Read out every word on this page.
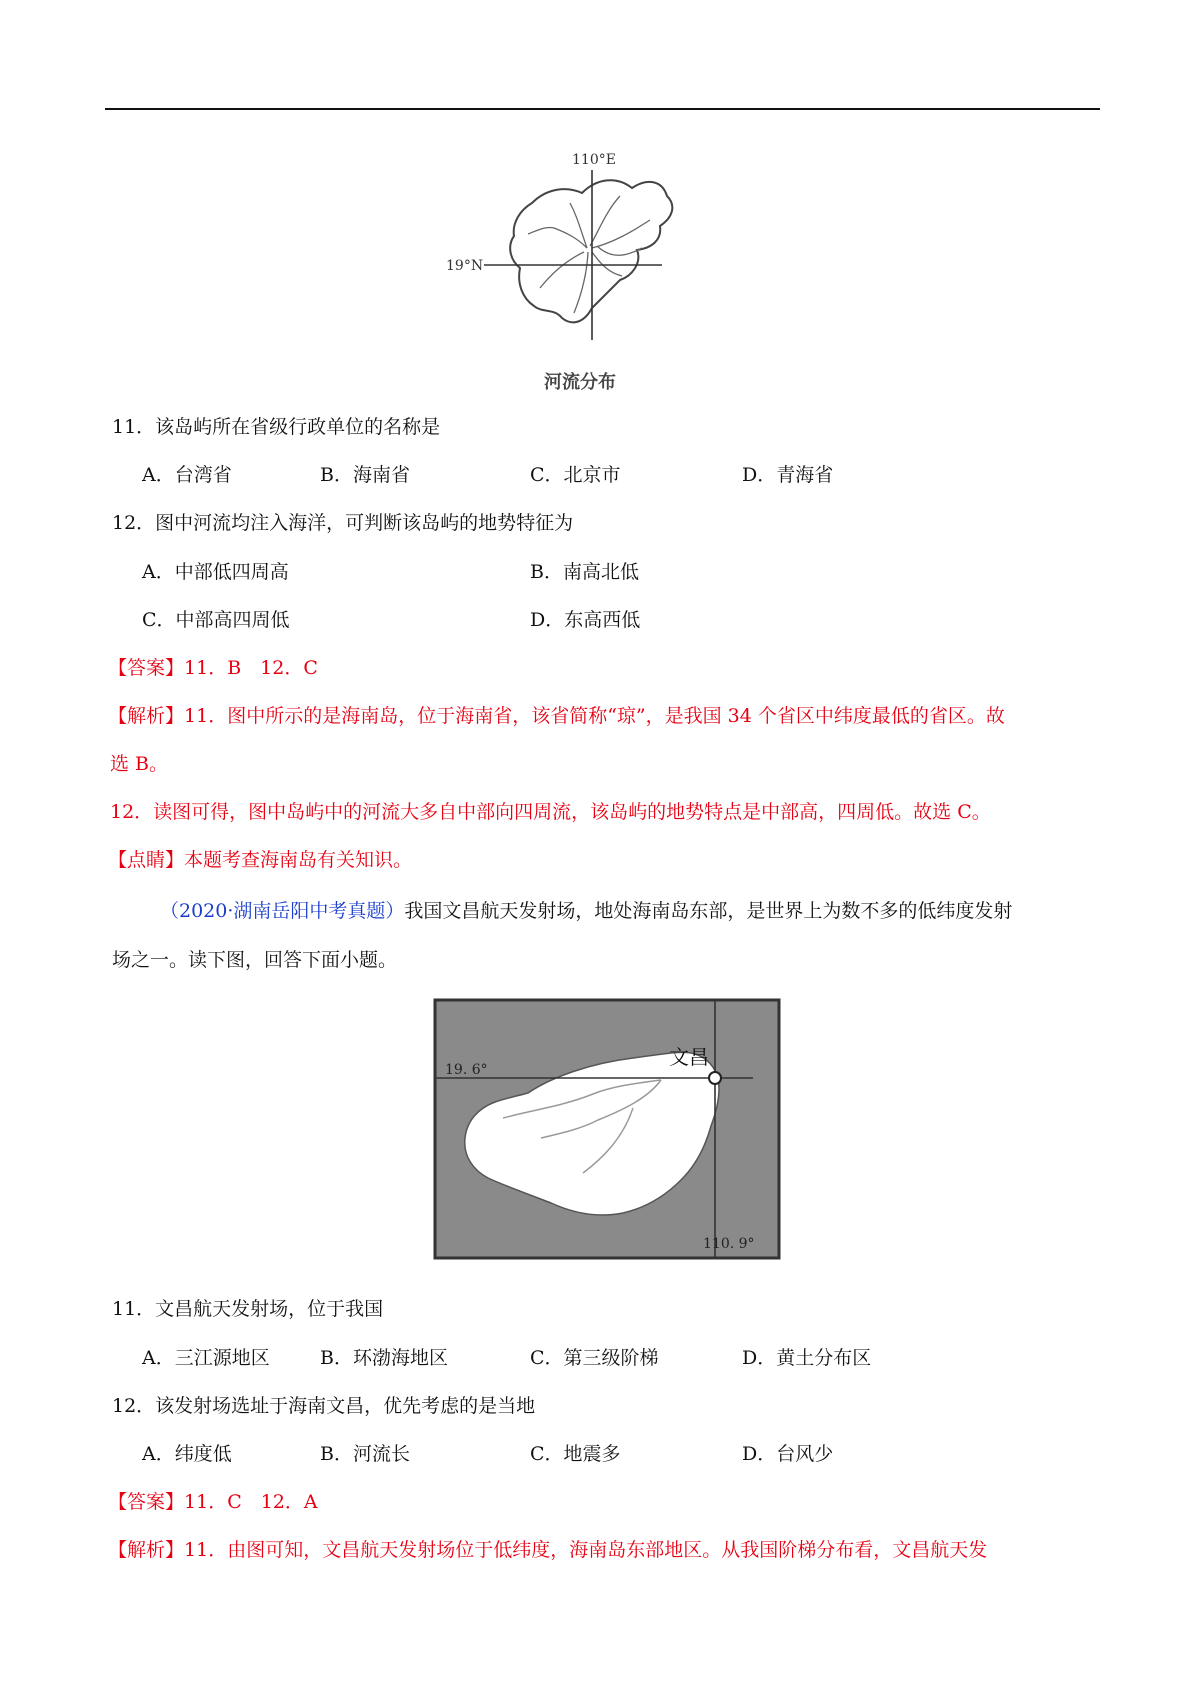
110°E
19°N
河流分布
11．该岛屿所在省级行政单位的名称是
A．台湾省	B．海南省	C．北京市	D．青海省
12．图中河流均注入海洋，可判断该岛屿的地势特征为
A．中部低四周高	B．南高北低
C．中部高四周低	D．东高西低
【答案】11．B　12．C
【解析】11．图中所示的是海南岛，位于海南省，该省简称“琼”，是我国 34 个省区中纬度最低的省区。故
选 B。
12．读图可得，图中岛屿中的河流大多自中部向四周流，该岛屿的地势特点是中部高，四周低。故选 C。
【点睛】本题考查海南岛有关知识。
（2020·湖南岳阳中考真题）我国文昌航天发射场，地处海南岛东部，是世界上为数不多的低纬度发射
场之一。读下图，回答下面小题。
文昌
19. 6°
110. 9°
11．文昌航天发射场，位于我国
A．三江源地区	B．环渤海地区	C．第三级阶梯	D．黄土分布区
12．该发射场选址于海南文昌，优先考虑的是当地
A．纬度低	B．河流长	C．地震多	D．台风少
【答案】11．C　12．A
【解析】11．由图可知，文昌航天发射场位于低纬度，海南岛东部地区。从我国阶梯分布看，文昌航天发
